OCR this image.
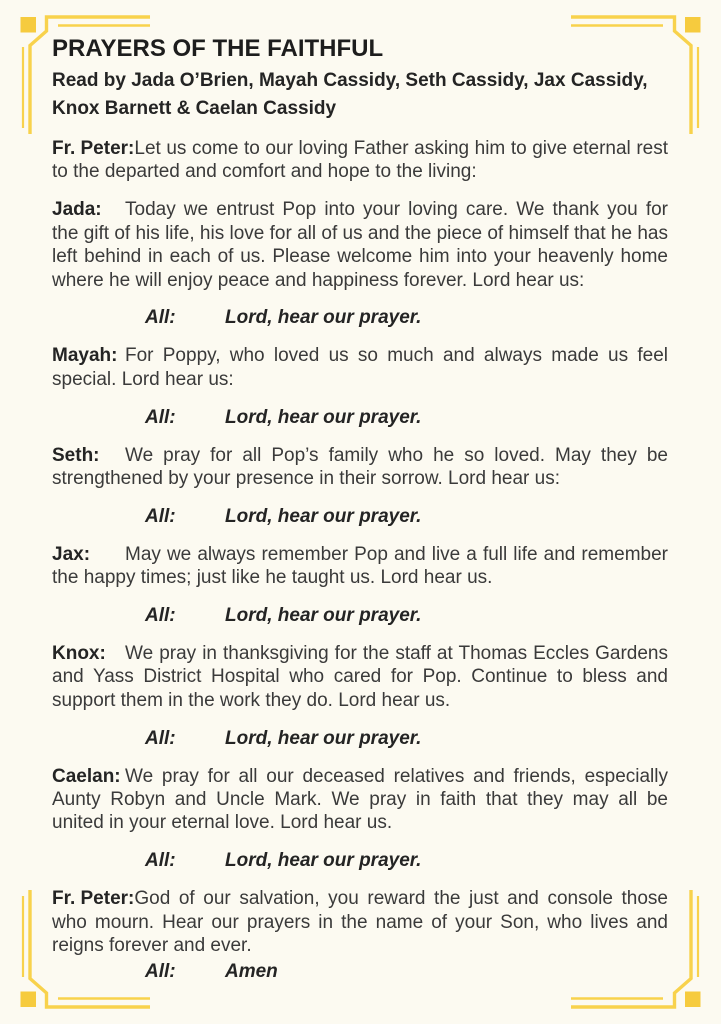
PRAYERS OF THE FAITHFUL
Read by Jada O’Brien, Mayah Cassidy, Seth Cassidy, Jax Cassidy, Knox Barnett & Caelan Cassidy

Fr. Peter:Let us come to our loving Father asking him to give eternal rest to the departed and comfort and hope to the living:

Jada: Today we entrust Pop into your loving care. We thank you for the gift of his life, his love for all of us and the piece of himself that he has left behind in each of us. Please welcome him into your heavenly home where he will enjoy peace and happiness forever. Lord hear us:

All:	Lord, hear our prayer.

Mayah: For Poppy, who loved us so much and always made us feel special. Lord hear us:

All:	Lord, hear our prayer.

Seth: We pray for all Pop’s family who he so loved. May they be strengthened by your presence in their sorrow. Lord hear us:

All:	Lord, hear our prayer.

Jax: May we always remember Pop and live a full life and remember the happy times; just like he taught us. Lord hear us.

All:	Lord, hear our prayer.

Knox: We pray in thanksgiving for the staff at Thomas Eccles Gardens and Yass District Hospital who cared for Pop. Continue to bless and support them in the work they do. Lord hear us.

All:	Lord, hear our prayer.

Caelan: We pray for all our deceased relatives and friends, especially Aunty Robyn and Uncle Mark. We pray in faith that they may all be united in your eternal love. Lord hear us.

All:	Lord, hear our prayer.

Fr. Peter:God of our salvation, you reward the just and console those who mourn. Hear our prayers in the name of your Son, who lives and reigns forever and ever.

All:	Amen
